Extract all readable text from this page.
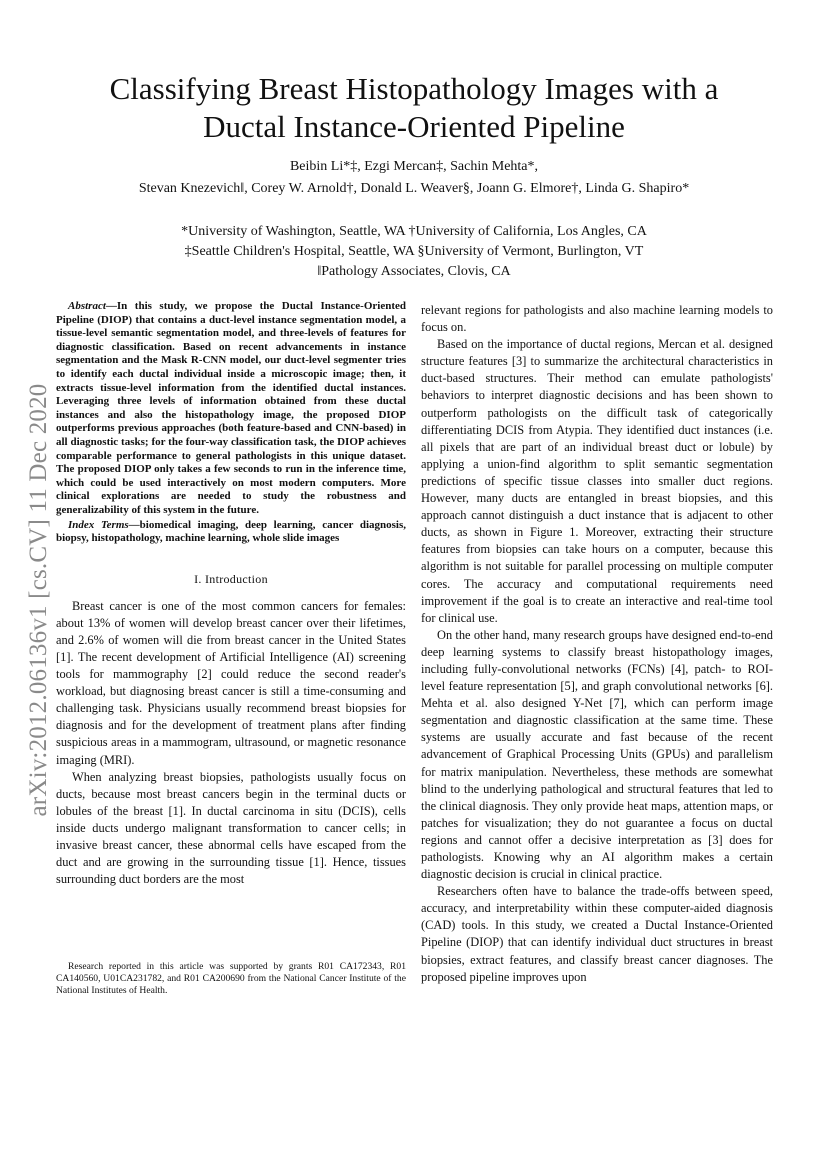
arXiv:2012.06136v1 [cs.CV] 11 Dec 2020
Classifying Breast Histopathology Images with a
Ductal Instance-Oriented Pipeline
Beibin Li*‡, Ezgi Mercan‡, Sachin Mehta*,
Stevan Knezevich‖, Corey W. Arnold†, Donald L. Weaver§, Joann G. Elmore†, Linda G. Shapiro*
*University of Washington, Seattle, WA †University of California, Los Angles, CA
‡Seattle Children's Hospital, Seattle, WA §University of Vermont, Burlington, VT
‖Pathology Associates, Clovis, CA

Abstract—In this study, we propose the Ductal Instance-Oriented Pipeline (DIOP) that contains a duct-level instance segmentation model, a tissue-level semantic segmentation model, and three-levels of features for diagnostic classification. Based on recent advancements in instance segmentation and the Mask R-CNN model, our duct-level segmenter tries to identify each ductal individual inside a microscopic image; then, it extracts tissue-level information from the identified ductal instances. Leveraging three levels of information obtained from these ductal instances and also the histopathology image, the proposed DIOP outperforms previous approaches (both feature-based and CNN-based) in all diagnostic tasks; for the four-way classification task, the DIOP achieves comparable performance to general pathologists in this unique dataset. The proposed DIOP only takes a few seconds to run in the inference time, which could be used interactively on most modern computers. More clinical explorations are needed to study the robustness and generalizability of this system in the future.

Index Terms—biomedical imaging, deep learning, cancer diagnosis, biopsy, histopathology, machine learning, whole slide images

I. Introduction

Breast cancer is one of the most common cancers for females: about 13% of women will develop breast cancer over their lifetimes, and 2.6% of women will die from breast cancer in the United States [1]. The recent development of Artificial Intelligence (AI) screening tools for mammography [2] could reduce the second reader's workload, but diagnosing breast cancer is still a time-consuming and challenging task. Physicians usually recommend breast biopsies for diagnosis and for the development of treatment plans after finding suspicious areas in a mammogram, ultrasound, or magnetic resonance imaging (MRI).

When analyzing breast biopsies, pathologists usually focus on ducts, because most breast cancers begin in the terminal ducts or lobules of the breast [1]. In ductal carcinoma in situ (DCIS), cells inside ducts undergo malignant transformation to cancer cells; in invasive breast cancer, these abnormal cells have escaped from the duct and are growing in the surrounding tissue [1]. Hence, tissues surrounding duct borders are the most

Research reported in this article was supported by grants R01 CA172343, R01 CA140560, U01CA231782, and R01 CA200690 from the National Cancer Institute of the National Institutes of Health.

relevant regions for pathologists and also machine learning models to focus on.

Based on the importance of ductal regions, Mercan et al. designed structure features [3] to summarize the architectural characteristics in duct-based structures. Their method can emulate pathologists' behaviors to interpret diagnostic decisions and has been shown to outperform pathologists on the difficult task of categorically differentiating DCIS from Atypia. They identified duct instances (i.e. all pixels that are part of an individual breast duct or lobule) by applying a union-find algorithm to split semantic segmentation predictions of specific tissue classes into smaller duct regions. However, many ducts are entangled in breast biopsies, and this approach cannot distinguish a duct instance that is adjacent to other ducts, as shown in Figure 1. Moreover, extracting their structure features from biopsies can take hours on a computer, because this algorithm is not suitable for parallel processing on multiple computer cores. The accuracy and computational requirements need improvement if the goal is to create an interactive and real-time tool for clinical use.

On the other hand, many research groups have designed end-to-end deep learning systems to classify breast histopathology images, including fully-convolutional networks (FCNs) [4], patch- to ROI-level feature representation [5], and graph convolutional networks [6]. Mehta et al. also designed Y-Net [7], which can perform image segmentation and diagnostic classification at the same time. These systems are usually accurate and fast because of the recent advancement of Graphical Processing Units (GPUs) and parallelism for matrix manipulation. Nevertheless, these methods are somewhat blind to the underlying pathological and structural features that led to the clinical diagnosis. They only provide heat maps, attention maps, or patches for visualization; they do not guarantee a focus on ductal regions and cannot offer a decisive interpretation as [3] does for pathologists. Knowing why an AI algorithm makes a certain diagnostic decision is crucial in clinical practice.

Researchers often have to balance the trade-offs between speed, accuracy, and interpretability within these computer-aided diagnosis (CAD) tools. In this study, we created a Ductal Instance-Oriented Pipeline (DIOP) that can identify individual duct structures in breast biopsies, extract features, and classify breast cancer diagnoses. The proposed pipeline improves upon
